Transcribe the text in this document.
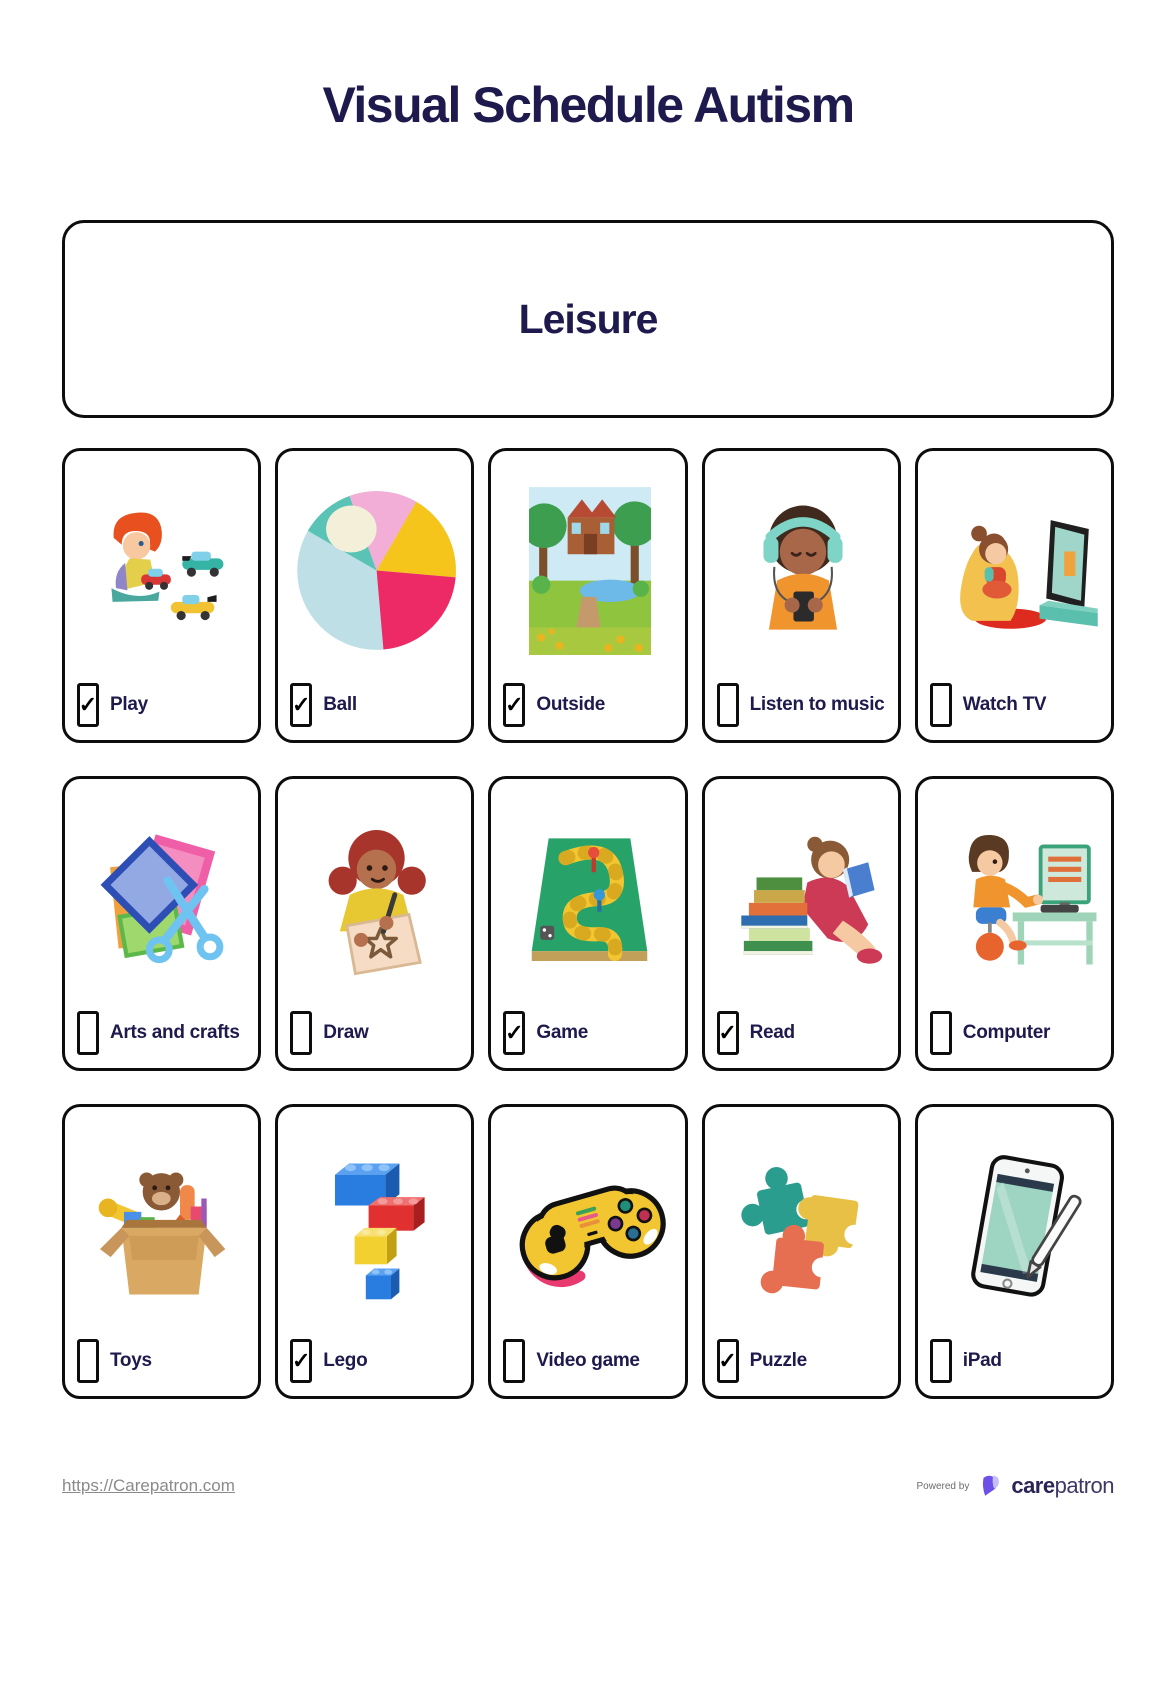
Visual Schedule Autism
Leisure
✓ Play	✓ Ball	✓ Outside	Listen to music	Watch TV
Arts and crafts	Draw	✓ Game	✓ Read	Computer
Toys	✓ Lego	Video game	✓ Puzzle	iPad
https://Carepatron.com	Powered by care patron
